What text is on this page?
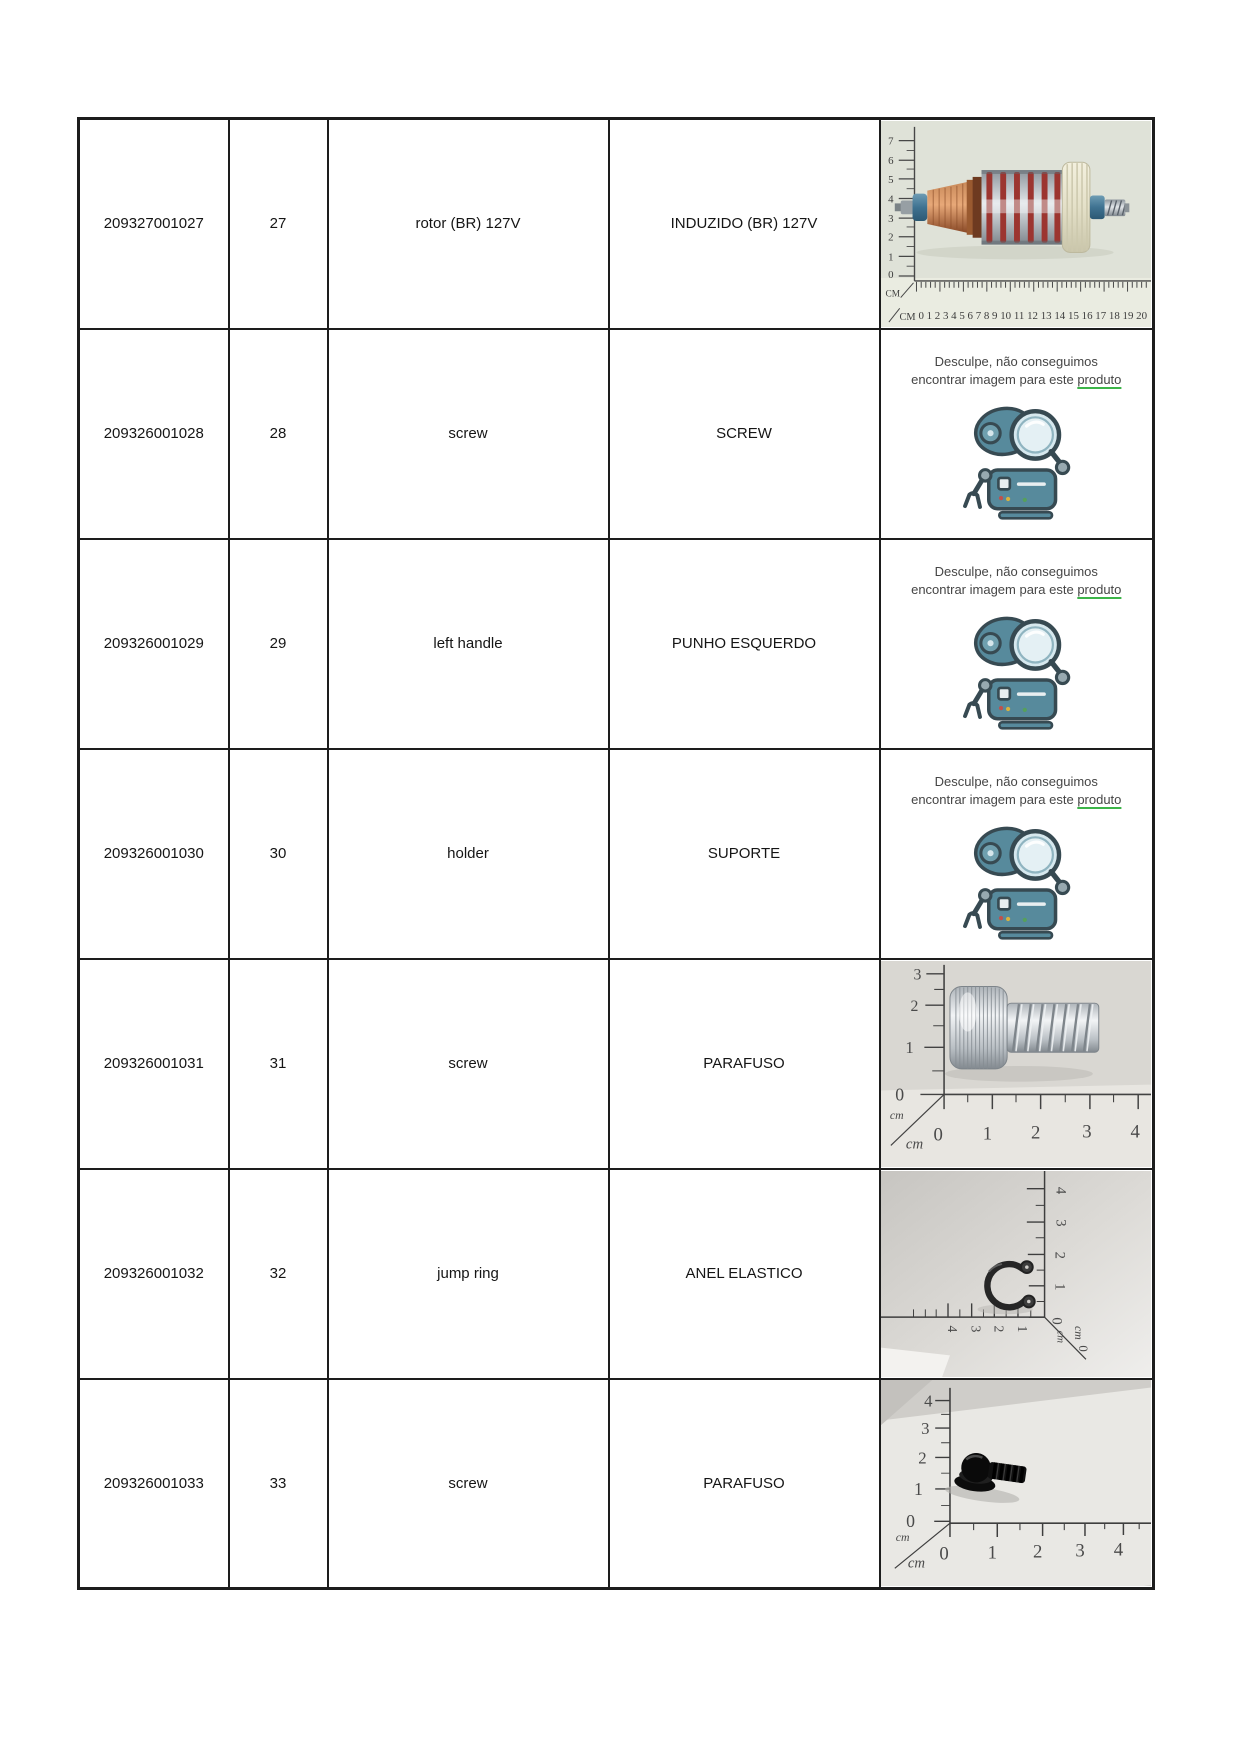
209327001027	27	rotor (BR) 127V	INDUZIDO (BR) 127V	
7
6
5
4
3
2
1
0
CM
CM 0 1 2 3 4 5 6 7 8 9 10 11 12 13 14 15 16 17 18 19 20

209326001028	28	screw	SCREW	Desculpe, não conseguimos
encontrar imagem para este produto

209326001029	29	left handle	PUNHO ESQUERDO	Desculpe, não conseguimos
encontrar imagem para este produto

209326001030	30	holder	SUPORTE	Desculpe, não conseguimos
encontrar imagem para este produto

209326001031	31	screw	PARAFUSO	
3
2
1
0
cm
cm 0 1 2 3 4

209326001032	32	jump ring	ANEL ELASTICO	
4
3
2
1
0
cm
4 3 2 1	cm
0

209326001033	33	screw	PARAFUSO	
4
3
2
1
0
cm
cm 0 1 2 3 4
